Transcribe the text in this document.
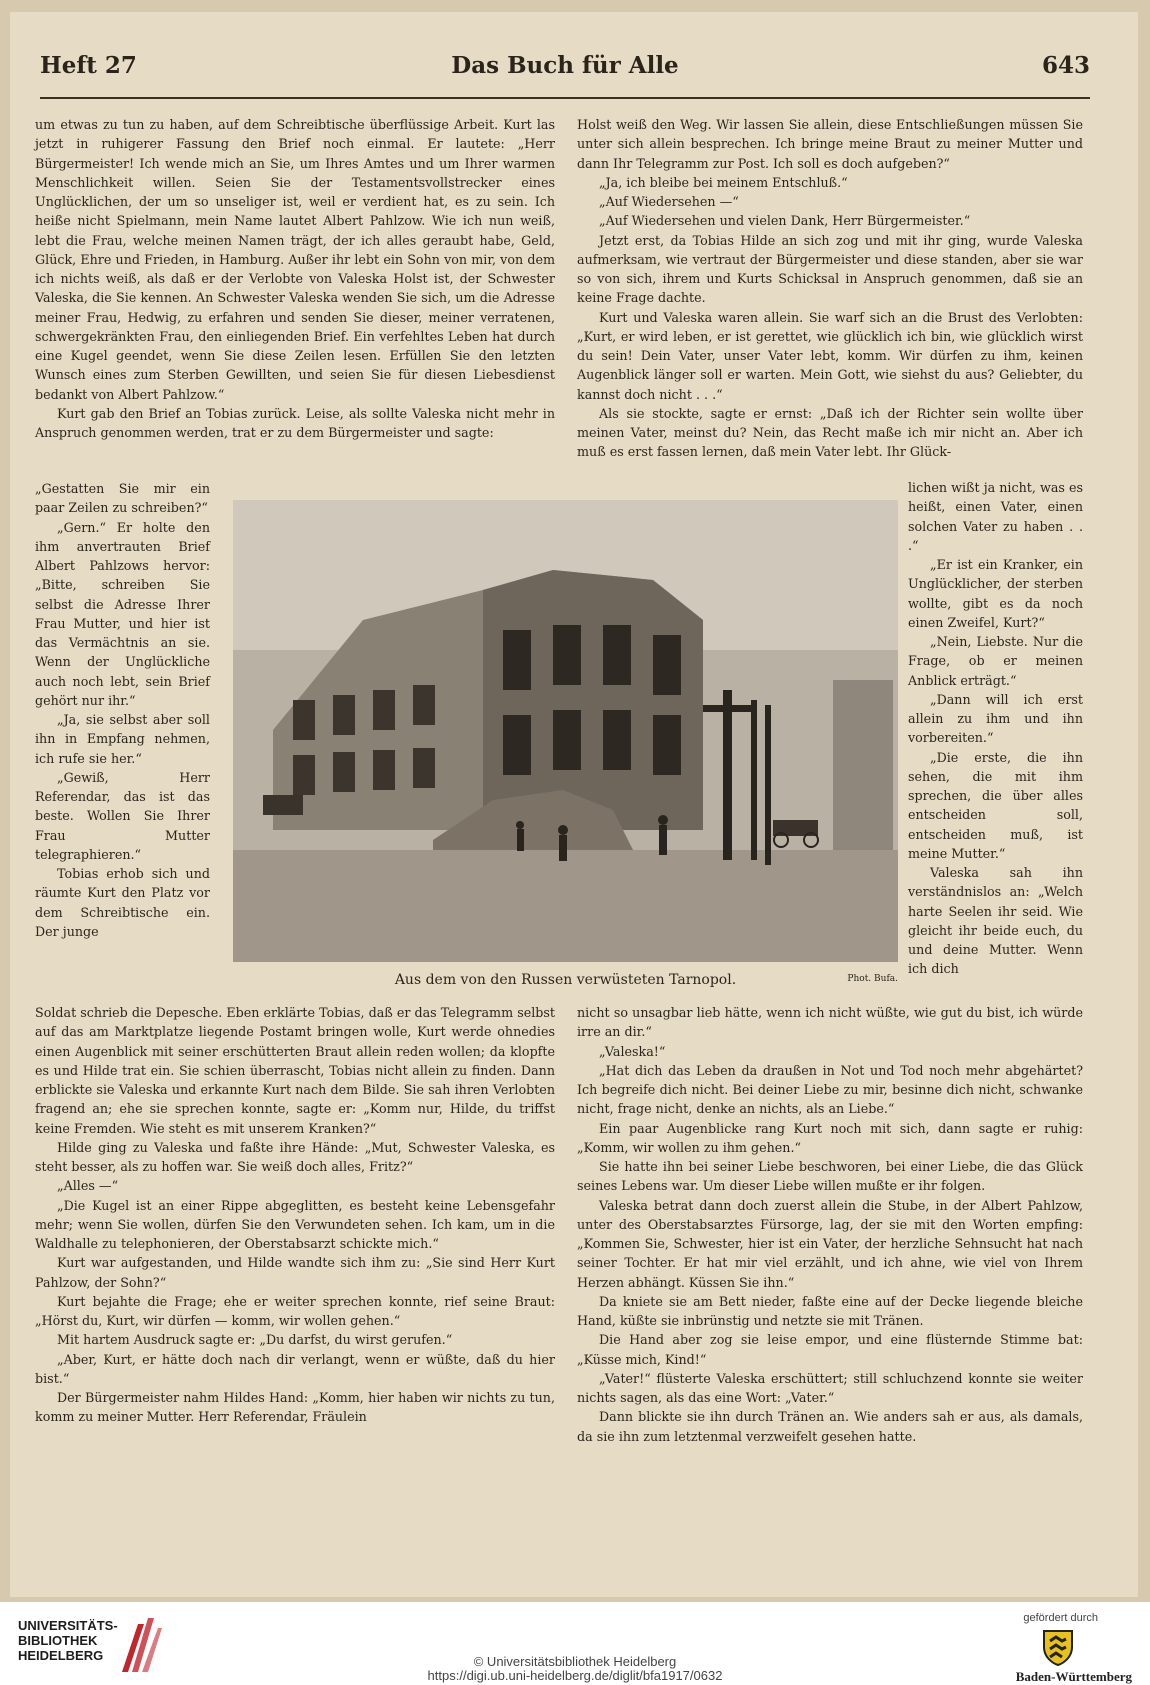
Heft 27	Das Buch für Alle	643

um etwas zu tun zu haben, auf dem Schreibtische überflüssige Arbeit. Kurt las jetzt in ruhigerer Fassung den Brief noch einmal. Er lautete: „Herr Bürgermeister! Ich wende mich an Sie, um Ihres Amtes und um Ihrer warmen Menschlichkeit willen. Seien Sie der Testamentsvollstrecker eines Unglücklichen, der um so unseliger ist, weil er verdient hat, es zu sein. Ich heiße nicht Spielmann, mein Name lautet Albert Pahlzow. Wie ich nun weiß, lebt die Frau, welche meinen Namen trägt, der ich alles geraubt habe, Geld, Glück, Ehre und Frieden, in Hamburg. Außer ihr lebt ein Sohn von mir, von dem ich nichts weiß, als daß er der Verlobte von Valeska Holst ist, der Schwester Valeska, die Sie kennen. An Schwester Valeska wenden Sie sich, um die Adresse meiner Frau, Hedwig, zu erfahren und senden Sie dieser, meiner verratenen, schwergekränkten Frau, den einliegenden Brief. Ein verfehltes Leben hat durch eine Kugel geendet, wenn Sie diese Zeilen lesen. Erfüllen Sie den letzten Wunsch eines zum Sterben Gewillten, und seien Sie für diesen Liebesdienst bedankt von Albert Pahlzow.“

Kurt gab den Brief an Tobias zurück. Leise, als sollte Valeska nicht mehr in Anspruch genommen werden, trat er zu dem Bürgermeister und sagte:

„Gestatten Sie mir ein paar Zeilen zu schreiben?“

„Gern.“ Er holte den ihm anvertrauten Brief Albert Pahlzows hervor: „Bitte, schreiben Sie selbst die Adresse Ihrer Frau Mutter, und hier ist das Vermächtnis an sie. Wenn der Unglückliche auch noch lebt, sein Brief gehört nur ihr.“

„Ja, sie selbst aber soll ihn in Empfang nehmen, ich rufe sie her.“

„Gewiß, Herr Referendar, das ist das beste. Wollen Sie Ihrer Frau Mutter telegraphieren.“

Tobias erhob sich und räumte Kurt den Platz vor dem Schreibtische ein. Der junge

Soldat schrieb die Depesche. Eben erklärte Tobias, daß er das Telegramm selbst auf das am Marktplatze liegende Postamt bringen wolle, Kurt werde ohnedies einen Augenblick mit seiner erschütterten Braut allein reden wollen; da klopfte es und Hilde trat ein. Sie schien überrascht, Tobias nicht allein zu finden. Dann erblickte sie Valeska und erkannte Kurt nach dem Bilde. Sie sah ihren Verlobten fragend an; ehe sie sprechen konnte, sagte er: „Komm nur, Hilde, du triffst keine Fremden. Wie steht es mit unserem Kranken?“

Hilde ging zu Valeska und faßte ihre Hände: „Mut, Schwester Valeska, es steht besser, als zu hoffen war. Sie weiß doch alles, Fritz?“

„Alles —“

„Die Kugel ist an einer Rippe abgeglitten, es besteht keine Lebensgefahr mehr; wenn Sie wollen, dürfen Sie den Verwundeten sehen. Ich kam, um in die Waldhalle zu telephonieren, der Oberstabsarzt schickte mich.“

Kurt war aufgestanden, und Hilde wandte sich ihm zu: „Sie sind Herr Kurt Pahlzow, der Sohn?“

Kurt bejahte die Frage; ehe er weiter sprechen konnte, rief seine Braut: „Hörst du, Kurt, wir dürfen — komm, wir wollen gehen.“

Mit hartem Ausdruck sagte er: „Du darfst, du wirst gerufen.“

„Aber, Kurt, er hätte doch nach dir verlangt, wenn er wüßte, daß du hier bist.“

Der Bürgermeister nahm Hildes Hand: „Komm, hier haben wir nichts zu tun, komm zu meiner Mutter. Herr Referendar, Fräulein

Holst weiß den Weg. Wir lassen Sie allein, diese Entschließungen müssen Sie unter sich allein besprechen. Ich bringe meine Braut zu meiner Mutter und dann Ihr Telegramm zur Post. Ich soll es doch aufgeben?“

„Ja, ich bleibe bei meinem Entschluß.“

„Auf Wiedersehen —“

„Auf Wiedersehen und vielen Dank, Herr Bürgermeister.“

Jetzt erst, da Tobias Hilde an sich zog und mit ihr ging, wurde Valeska aufmerksam, wie vertraut der Bürgermeister und diese standen, aber sie war so von sich, ihrem und Kurts Schicksal in Anspruch genommen, daß sie an keine Frage dachte.

Kurt und Valeska waren allein. Sie warf sich an die Brust des Verlobten: „Kurt, er wird leben, er ist gerettet, wie glücklich ich bin, wie glücklich wirst du sein! Dein Vater, unser Vater lebt, komm. Wir dürfen zu ihm, keinen Augenblick länger soll er warten. Mein Gott, wie siehst du aus? Geliebter, du kannst doch nicht . . .“

Als sie stockte, sagte er ernst: „Daß ich der Richter sein wollte über meinen Vater, meinst du? Nein, das Recht maße ich mir nicht an. Aber ich muß es erst fassen lernen, daß mein Vater lebt. Ihr Glück-

lichen wißt ja nicht, was es heißt, einen Vater, einen solchen Vater zu haben . . .“

„Er ist ein Kranker, ein Unglücklicher, der sterben wollte, gibt es da noch einen Zweifel, Kurt?“

„Nein, Liebste. Nur die Frage, ob er meinen Anblick erträgt.“

„Dann will ich erst allein zu ihm und ihn vorbereiten.“

„Die erste, die ihn sehen, die mit ihm sprechen, die über alles entscheiden soll, entscheiden muß, ist meine Mutter.“

Valeska sah ihn verständnislos an: „Welch harte Seelen ihr seid. Wie gleicht ihr beide euch, du und deine Mutter. Wenn ich dich

nicht so unsagbar lieb hätte, wenn ich nicht wüßte, wie gut du bist, ich würde irre an dir.“

„Valeska!“

„Hat dich das Leben da draußen in Not und Tod noch mehr abgehärtet? Ich begreife dich nicht. Bei deiner Liebe zu mir, besinne dich nicht, schwanke nicht, frage nicht, denke an nichts, als an Liebe.“

Ein paar Augenblicke rang Kurt noch mit sich, dann sagte er ruhig: „Komm, wir wollen zu ihm gehen.“

Sie hatte ihn bei seiner Liebe beschworen, bei einer Liebe, die das Glück seines Lebens war. Um dieser Liebe willen mußte er ihr folgen.

Valeska betrat dann doch zuerst allein die Stube, in der Albert Pahlzow, unter des Oberstabsarztes Fürsorge, lag, der sie mit den Worten empfing: „Kommen Sie, Schwester, hier ist ein Vater, der herzliche Sehnsucht hat nach seiner Tochter. Er hat mir viel erzählt, und ich ahne, wie viel von Ihrem Herzen abhängt. Küssen Sie ihn.“

Da kniete sie am Bett nieder, faßte eine auf der Decke liegende bleiche Hand, küßte sie inbrünstig und netzte sie mit Tränen.

Die Hand aber zog sie leise empor, und eine flüsternde Stimme bat: „Küsse mich, Kind!“

„Vater!“ flüsterte Valeska erschüttert; still schluchzend konnte sie weiter nichts sagen, als das eine Wort: „Vater.“

Dann blickte sie ihn durch Tränen an. Wie anders sah er aus, als damals, da sie ihn zum letztenmal verzweifelt gesehen hatte.

Aus dem von den Russen verwüsteten Tarnopol.	Phot. Bufa.
UNIVERSITÄTS-
BIBLIOTHEK
HEIDELBERG	© Universitätsbibliothek Heidelberg
https://digi.ub.uni-heidelberg.de/diglit/bfa1917/0632
gefördert durch
Baden-Württemberg
